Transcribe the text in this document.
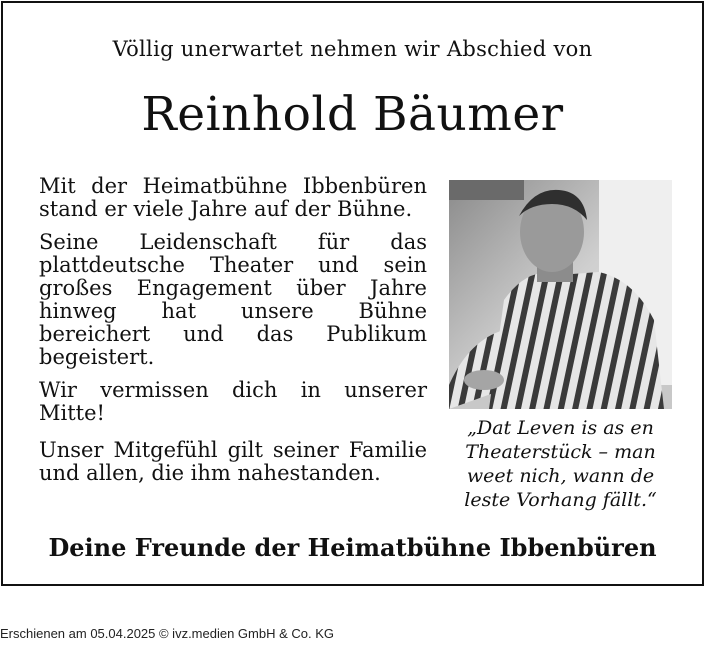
Völlig unerwartet nehmen wir Abschied von
Reinhold Bäumer

Mit der Heimatbühne Ibbenbüren stand er viele Jahre auf der Bühne.

Seine Leidenschaft für das plattdeutsche Theater und sein großes Engagement über Jahre hinweg hat unsere Bühne bereichert und das Publikum begeistert.

Wir vermissen dich in unserer Mitte!

Unser Mitgefühl gilt seiner Familie und allen, die ihm nahestanden.

„Dat Leven is as en
Theaterstück – man
weet nich, wann de
leste Vorhang fällt.“
Deine Freunde der Heimatbühne Ibbenbüren
Erschienen am 05.04.2025 © ivz.medien GmbH & Co. KG
